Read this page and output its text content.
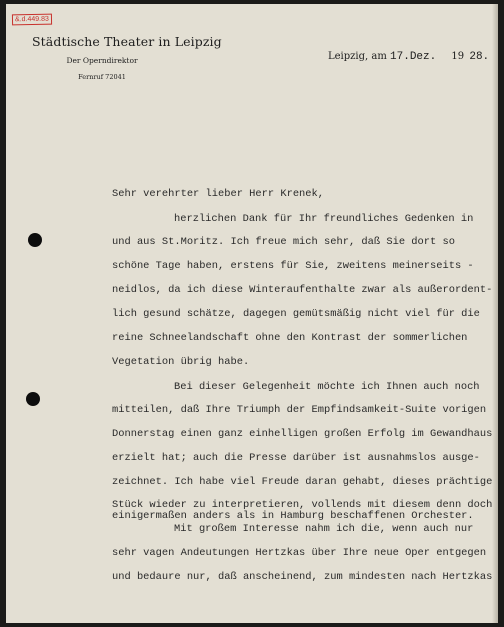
&.d.449.83
Städtische Theater in Leipzig
Der Operndirektor
Fernruf 72041
Leipzig, am 17.Dez. 19 28.
Sehr verehrter lieber Herr Krenek,
herzlichen Dank für Ihr freundliches Gedenken in
und aus St.Moritz. Ich freue mich sehr, daß Sie dort so
schöne Tage haben, erstens für Sie, zweitens meinerseits -
neidlos, da ich diese Winteraufenthalte zwar als außerordent-
lich gesund schätze, dagegen gemütsmäßig nicht viel für die
reine Schneelandschaft ohne den Kontrast der sommerlichen
Vegetation übrig habe.
Bei dieser Gelegenheit möchte ich Ihnen auch noch
mitteilen, daß Ihre Triumph der Empfindsamkeit-Suite vorigen
Donnerstag einen ganz einhelligen großen Erfolg im Gewandhaus
erzielt hat; auch die Presse darüber ist ausnahmslos ausge-
zeichnet. Ich habe viel Freude daran gehabt, dieses prächtige
Stück wieder zu interpretieren, vollends mit diesem denn doch
einigermaßen anders als in Hamburg beschaffenen Orchester.
Mit großem Interesse nahm ich die, wenn auch nur
sehr vagen Andeutungen Hertzkas über Ihre neue Oper entgegen
und bedaure nur, daß anscheinend, zum mindesten nach Hertzkas
